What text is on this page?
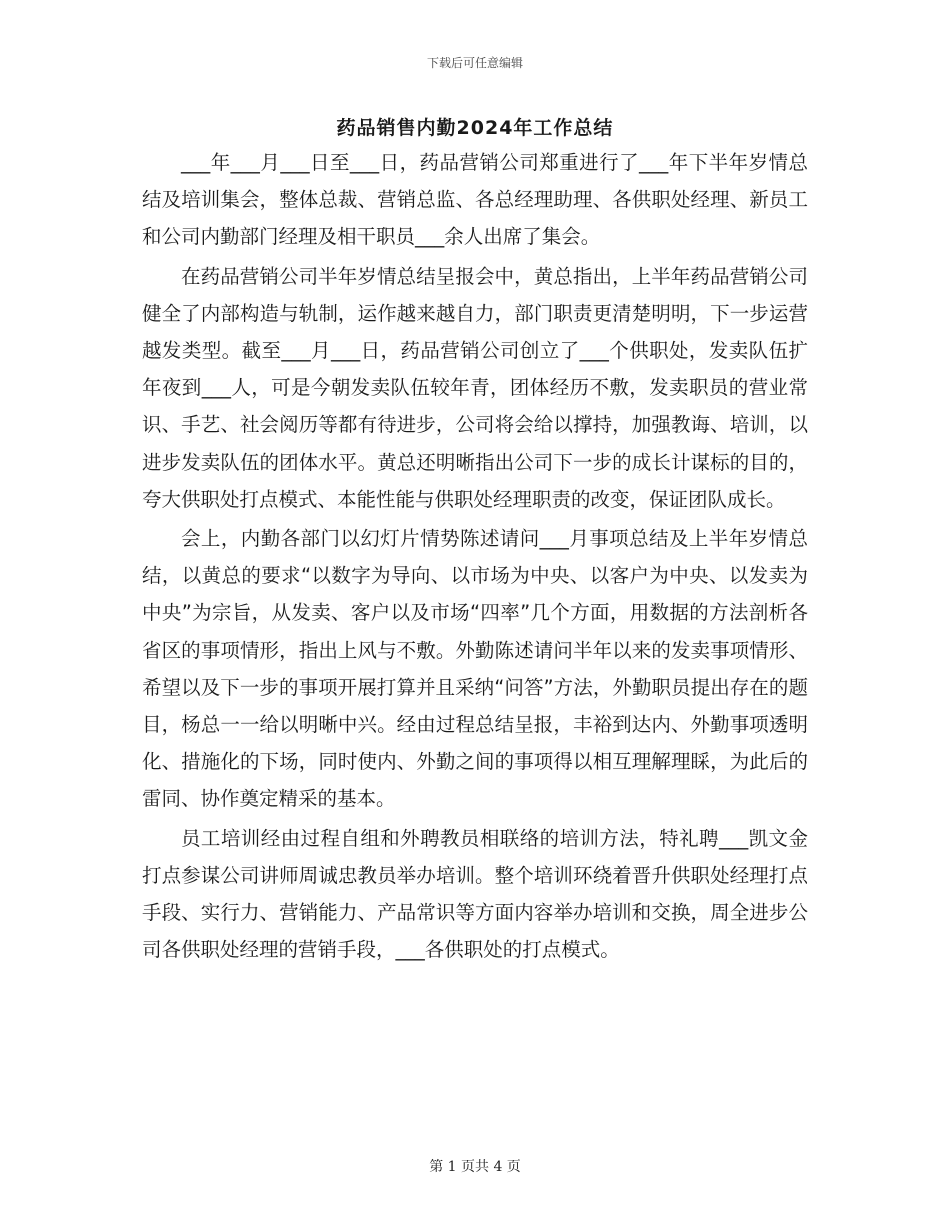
下载后可任意编辑
药品销售内勤2024年工作总结

___年___月___日至___日，药品营销公司郑重进行了___年下半年岁情总结及培训集会，整体总裁、营销总监、各总经理助理、各供职处经理、新员工和公司内勤部门经理及相干职员___余人出席了集会。

在药品营销公司半年岁情总结呈报会中，黄总指出，上半年药品营销公司健全了内部构造与轨制，运作越来越自力，部门职责更清楚明明，下一步运营越发类型。截至___月___日，药品营销公司创立了___个供职处，发卖队伍扩年夜到___人，可是今朝发卖队伍较年青，团体经历不敷，发卖职员的营业常识、手艺、社会阅历等都有待进步，公司将会给以撑持，加强教诲、培训，以进步发卖队伍的团体水平。黄总还明晰指出公司下一步的成长计谋标的目的，夸大供职处打点模式、本能性能与供职处经理职责的改变，保证团队成长。

会上，内勤各部门以幻灯片情势陈述请问___月事项总结及上半年岁情总结，以黄总的要求“以数字为导向、以市场为中央、以客户为中央、以发卖为中央”为宗旨，从发卖、客户以及市场“四率”几个方面，用数据的方法剖析各省区的事项情形，指出上风与不敷。外勤陈述请问半年以来的发卖事项情形、希望以及下一步的事项开展打算并且采纳“问答”方法，外勤职员提出存在的题目，杨总一一给以明晰中兴。经由过程总结呈报，丰裕到达内、外勤事项透明化、措施化的下场，同时使内、外勤之间的事项得以相互理解理睬，为此后的雷同、协作奠定精采的基本。

员工培训经由过程自组和外聘教员相联络的培训方法，特礼聘___凯文金打点参谋公司讲师周诚忠教员举办培训。整个培训环绕着晋升供职处经理打点手段、实行力、营销能力、产品常识等方面内容举办培训和交换，周全进步公司各供职处经理的营销手段，___各供职处的打点模式。

第 1 页共 4 页
